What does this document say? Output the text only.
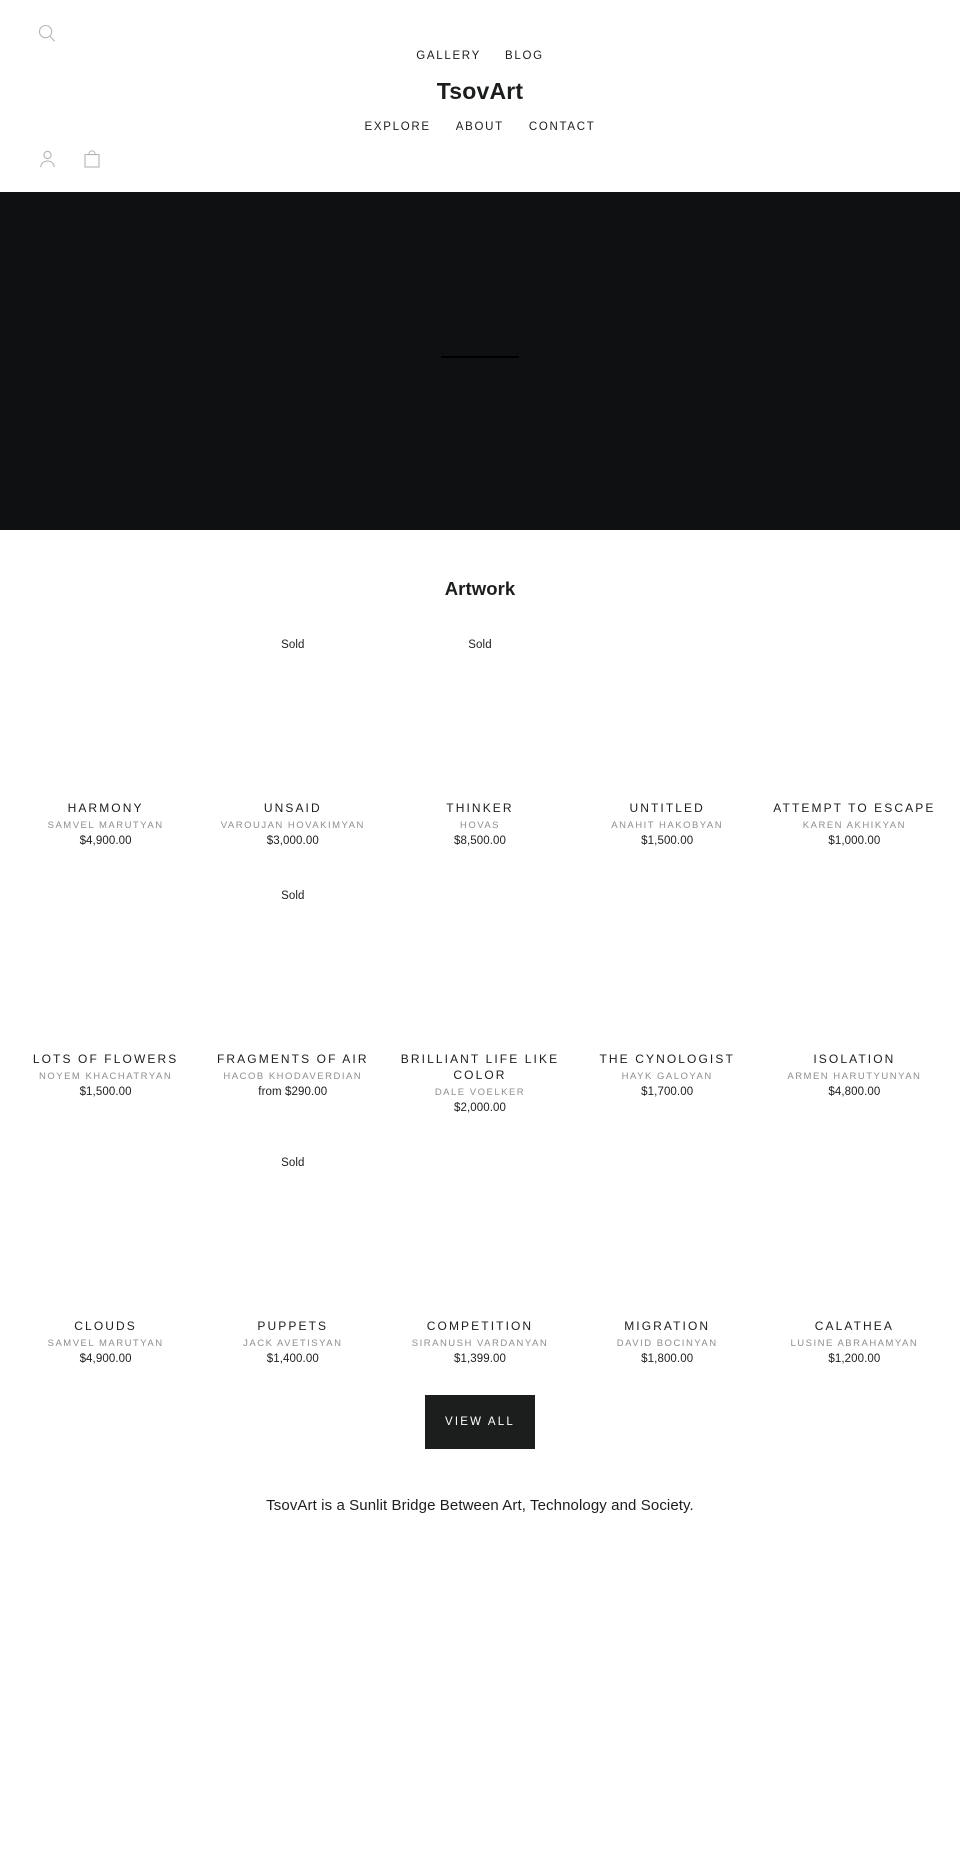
GALLERY BLOG
TsovArt
EXPLORE ABOUT CONTACT
Artwork
HARMONY
SAMVEL MARUTYAN
$4,900.00
Sold
UNSAID
VAROUJAN HOVAKIMYAN
$3,000.00
Sold
THINKER
HOVAS
$8,500.00
UNTITLED
ANAHIT HAKOBYAN
$1,500.00
ATTEMPT TO ESCAPE
KAREN AKHIKYAN
$1,000.00
LOTS OF FLOWERS
NOYEM KHACHATRYAN
$1,500.00
Sold
FRAGMENTS OF AIR
HACOB KHODAVERDIAN
from $290.00
BRILLIANT LIFE LIKE COLOR
DALE VOELKER
$2,000.00
THE CYNOLOGIST
HAYK GALOYAN
$1,700.00
ISOLATION
ARMEN HARUTYUNYAN
$4,800.00
CLOUDS
SAMVEL MARUTYAN
$4,900.00
Sold
PUPPETS
JACK AVETISYAN
$1,400.00
COMPETITION
SIRANUSH VARDANYAN
$1,399.00
MIGRATION
DAVID BOCINYAN
$1,800.00
CALATHEA
LUSINE ABRAHAMYAN
$1,200.00
VIEW ALL
TsovArt is a Sunlit Bridge Between Art, Technology and Society.
